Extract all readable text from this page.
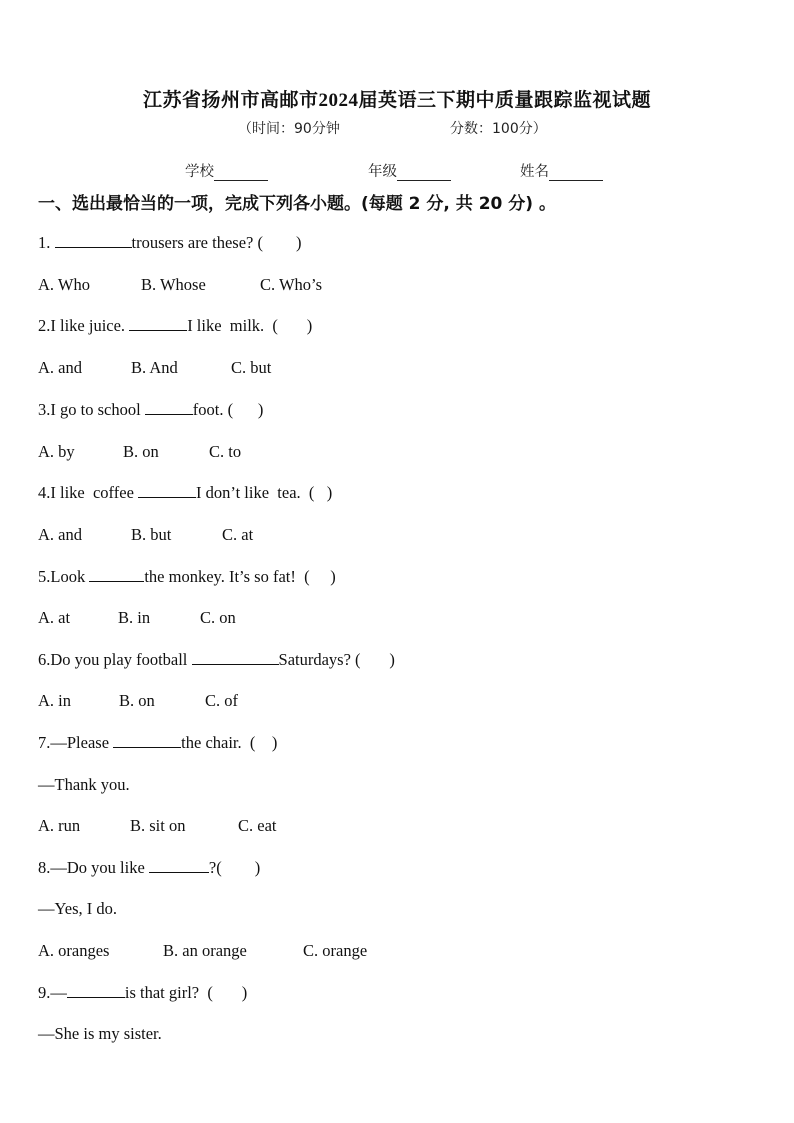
江苏省扬州市高邮市2024届英语三下期中质量跟踪监视试题
（时间：90分钟	分数：100分）
学校	年级	姓名
一、选出最恰当的一项，完成下列各小题。(每题 2 分, 共 20 分) 。
1.	trousers are these? (        )
A. Who	B. Whose	C. Who’s
2.I like juice.	I like  milk.  (       )
A. and	B. And	C. but
3.I go to school	foot. (      )
A. by	B. on	C. to
4.I like  coffee	I don’t like  tea.  (   )
A. and	B. but	C. at
5.Look	the monkey. It’s so fat!  (     )
A. at	B. in	C. on
6.Do you play football	Saturdays? (       )
A. in	B. on	C. of
7.—Please	the chair.  (    )
—Thank you.
A. run	B. sit on	C. eat
8.—Do you like	?(        )
—Yes, I do.
A. oranges	B. an orange	C. orange
9.—	is that girl?  (       )
—She is my sister.
